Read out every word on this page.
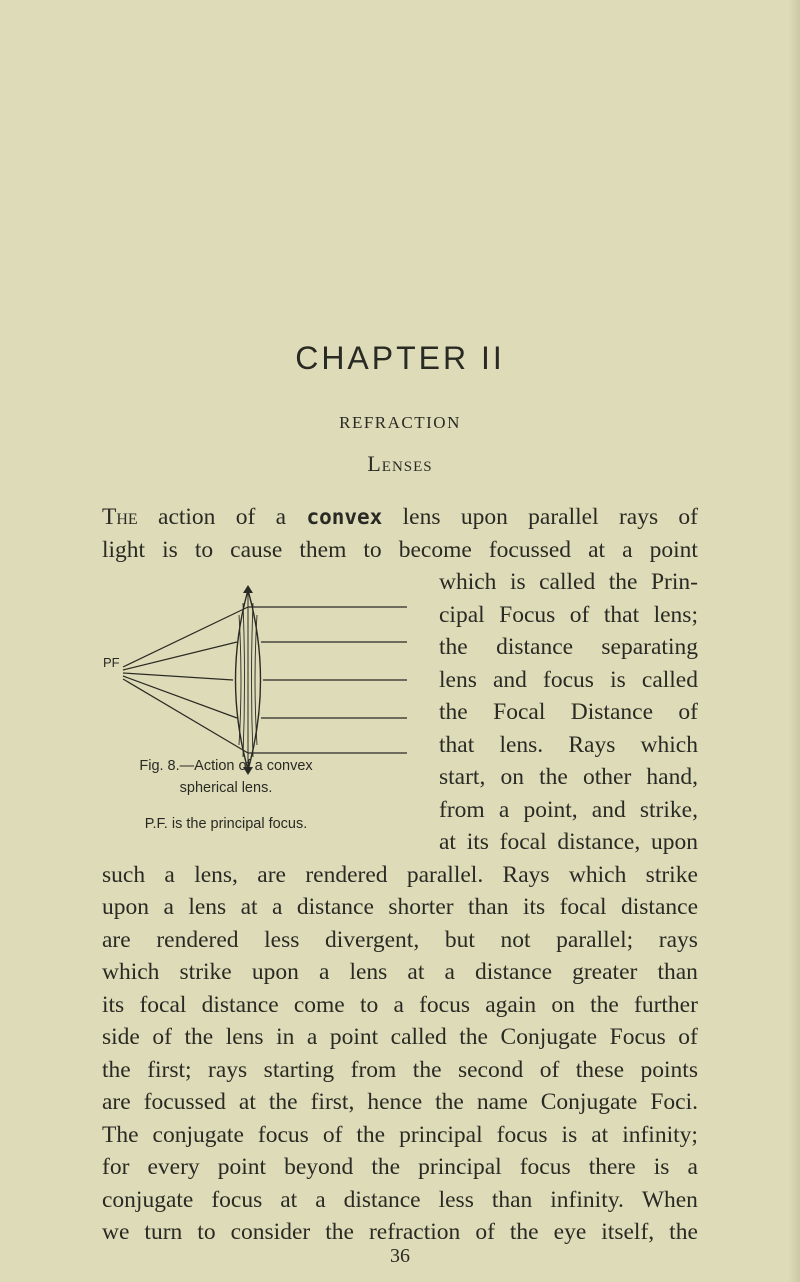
CHAPTER II
REFRACTION
Lenses
The action of a convex lens upon parallel rays of
light is to cause them to become focussed at a point
which is called the Prin-
cipal Focus of that lens;
the distance separating
lens and focus is called
the Focal Distance of
that lens. Rays which
start, on the other hand,
from a point, and strike,
at its focal distance, upon
such a lens, are rendered parallel. Rays which strike
upon a lens at a distance shorter than its focal distance
are rendered less divergent, but not parallel; rays
which strike upon a lens at a distance greater than
its focal distance come to a focus again on the further
side of the lens in a point called the Conjugate Focus of
the first; rays starting from the second of these points
are focussed at the first, hence the name Conjugate Foci.
The conjugate focus of the principal focus is at infinity;
for every point beyond the principal focus there is a
conjugate focus at a distance less than infinity. When
we turn to consider the refraction of the eye itself, the
PF
Fig. 8.—Action of a convex
spherical lens.
P.F. is the principal focus.
36
